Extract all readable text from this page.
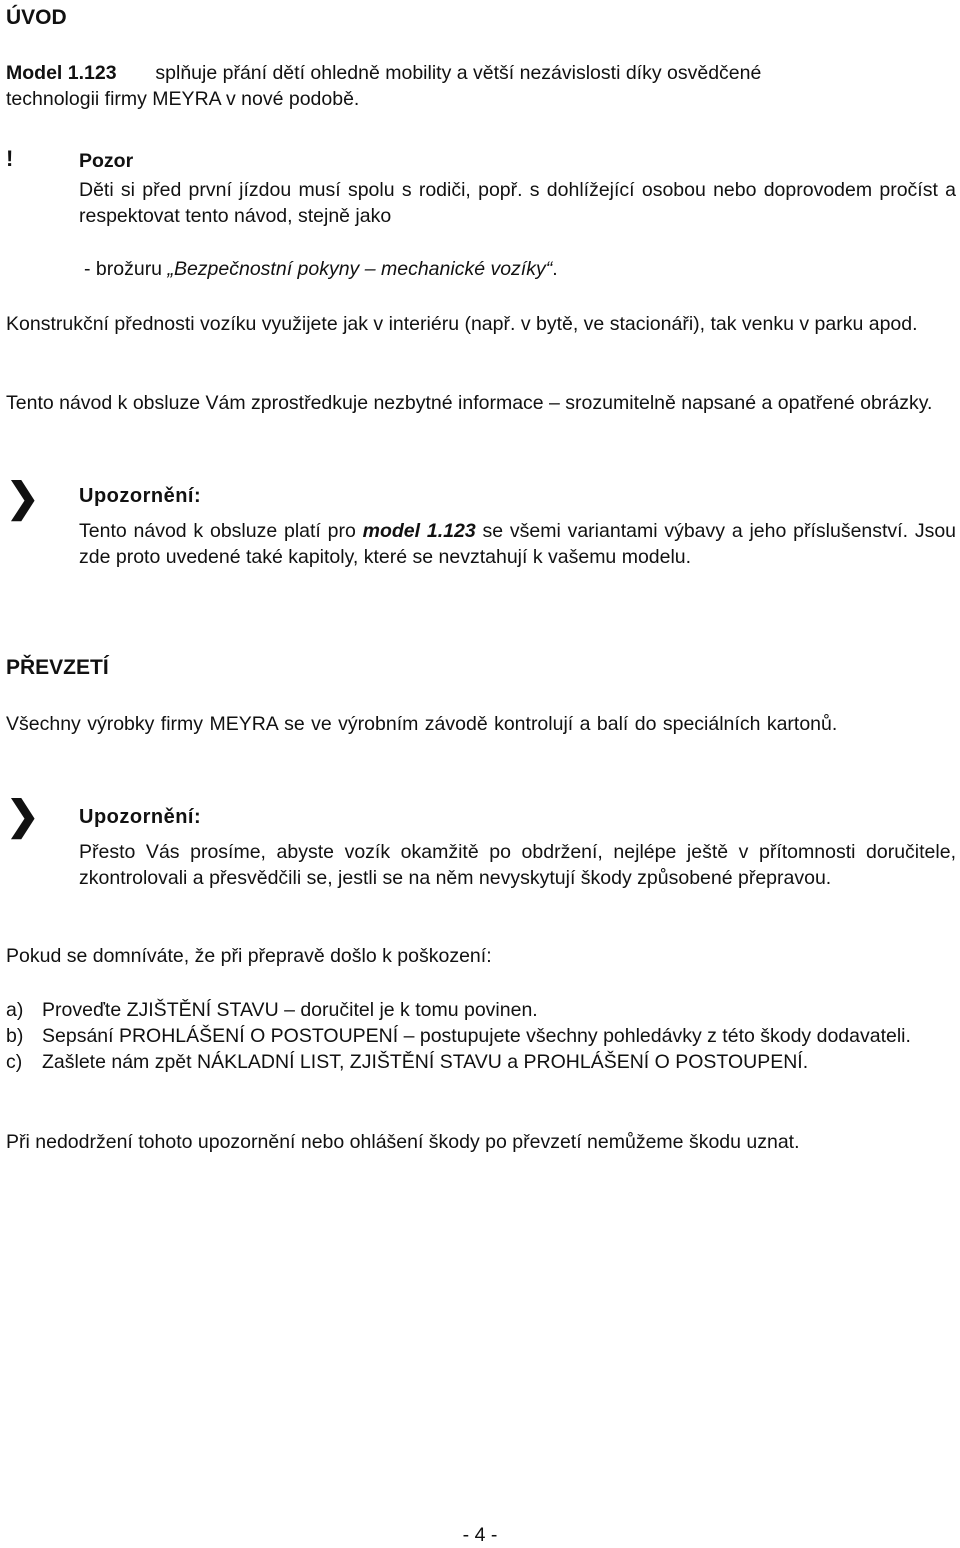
ÚVOD
Model 1.123 splňuje přání dětí ohledně mobility a větší nezávislosti díky osvědčené
technologii firmy MEYRA v nové podobě.
!	Pozor
Děti si před první jízdou musí spolu s rodiči, popř. s dohlížející osobou nebo doprovodem pročíst a respektovat tento návod, stejně jako
- brožuru „Bezpečnostní pokyny – mechanické vozíky“.
Konstrukční přednosti vozíku využijete jak v interiéru (např. v bytě, ve stacionáři), tak venku v parku apod.
Tento návod k obsluze Vám zprostředkuje nezbytné informace – srozumitelně napsané a opatřené obrázky.
❯ Upozornění:
Tento návod k obsluze platí pro model 1.123 se všemi variantami výbavy a jeho příslušenství. Jsou zde proto uvedené také kapitoly, které se nevztahují k vašemu modelu.
PŘEVZETÍ
Všechny výrobky firmy MEYRA se ve výrobním závodě kontrolují a balí do speciálních kartonů.
❯ Upozornění:
Přesto Vás prosíme, abyste vozík okamžitě po obdržení, nejlépe ještě v přítomnosti doručitele, zkontrolovali a přesvědčili se, jestli se na něm nevyskytují škody způsobené přepravou.
Pokud se domníváte, že při přepravě došlo k poškození:
a) Proveďte ZJIŠTĚNÍ STAVU – doručitel je k tomu povinen.
b) Sepsání PROHLÁŠENÍ O POSTOUPENÍ – postupujete všechny pohledávky z této škody dodavateli.
c)	Zašlete nám zpět NÁKLADNÍ LIST, ZJIŠTĚNÍ STAVU a PROHLÁŠENÍ O POSTOUPENÍ.
Při nedodržení tohoto upozornění nebo ohlášení škody po převzetí nemůžeme škodu uznat.
- 4 -
